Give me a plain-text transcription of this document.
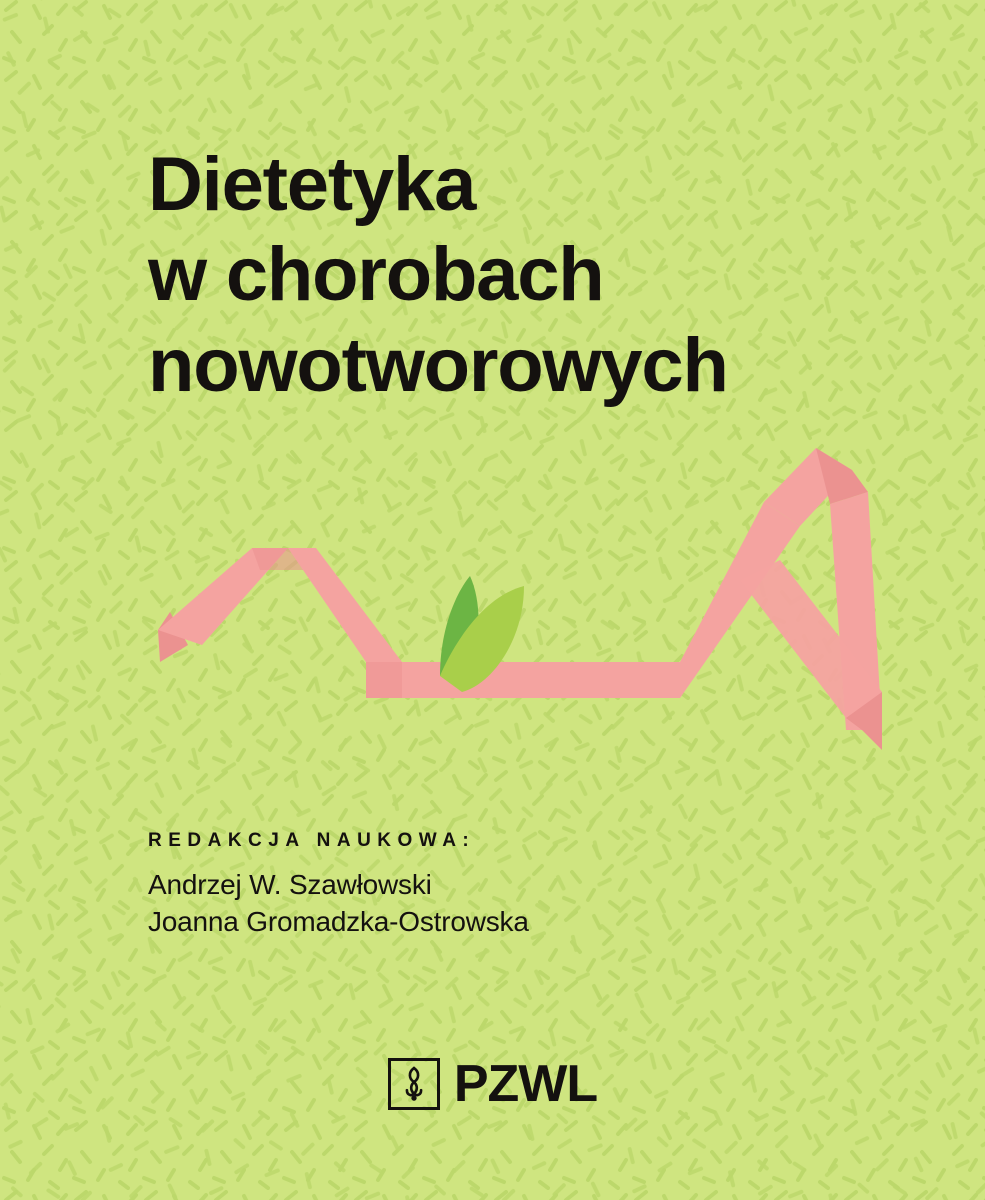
Dietetyka
w chorobach
nowotworowych

REDAKCJA NAUKOWA:

Andrzej W. Szawłowski

Joanna Gromadzka-Ostrowska

PZWL
